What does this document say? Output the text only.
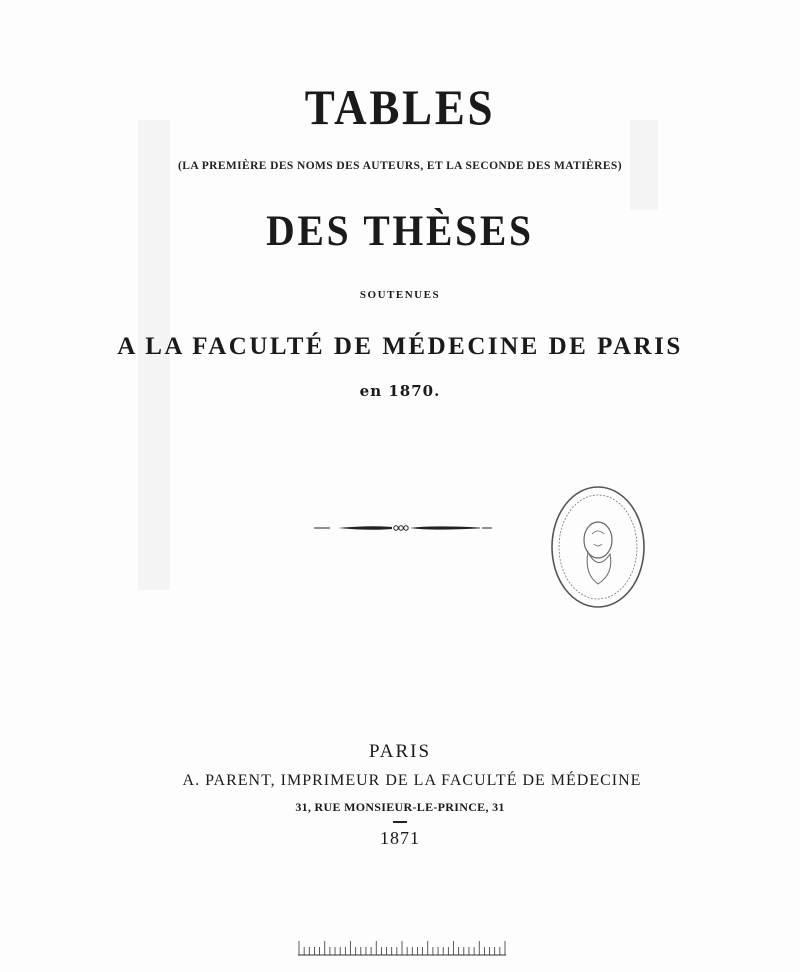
TABLES
(LA PREMIÈRE DES NOMS DES AUTEURS, ET LA SECONDE DES MATIÈRES)
DES THÈSES
SOUTENUES
A LA FACULTÉ DE MÉDECINE DE PARIS
en 1870.
PARIS
A. PARENT, IMPRIMEUR DE LA FACULTÉ DE MÉDECINE
31, RUE MONSIEUR-LE-PRINCE, 31
1871
